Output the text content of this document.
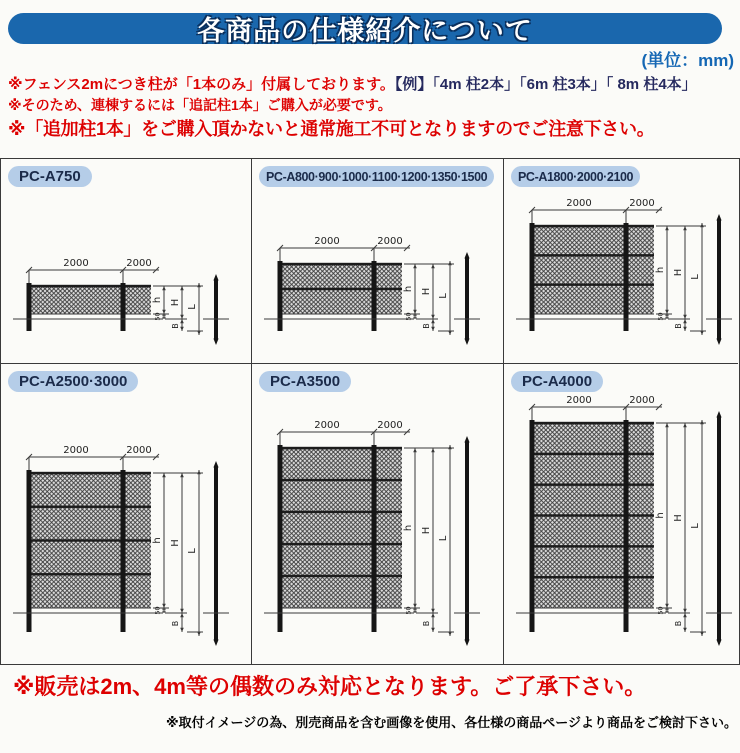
各商品の仕様紹介について
(単位：mm)
※フェンス2mにつき柱が「1本のみ」付属しております。【例】「4m 柱2本」「6m 柱3本」「 8m 柱4本」
※そのため、連棟するには「追記柱1本」ご購入が必要です。
※「追加柱1本」をご購入頂かないと通常施工不可となりますのでご注意下さい。
PC-A750
2000	2000
h
50
H
B
L
PC-A800·900·1000·1100·1200·1350·1500
2000	2000
h
50
H
B
L
PC-A1800·2000·2100
2000	2000
h
50
H
B
L
PC-A2500·3000
2000	2000
h
50
H
B
L
PC-A3500
2000	2000
h
50
H
B
L
PC-A4000
2000	2000
h
50
H
B
L
※販売は2m、4m等の偶数のみ対応となります。ご了承下さい。
※取付イメージの為、別売商品を含む画像を使用、各仕様の商品ページより商品をご検討下さい。
